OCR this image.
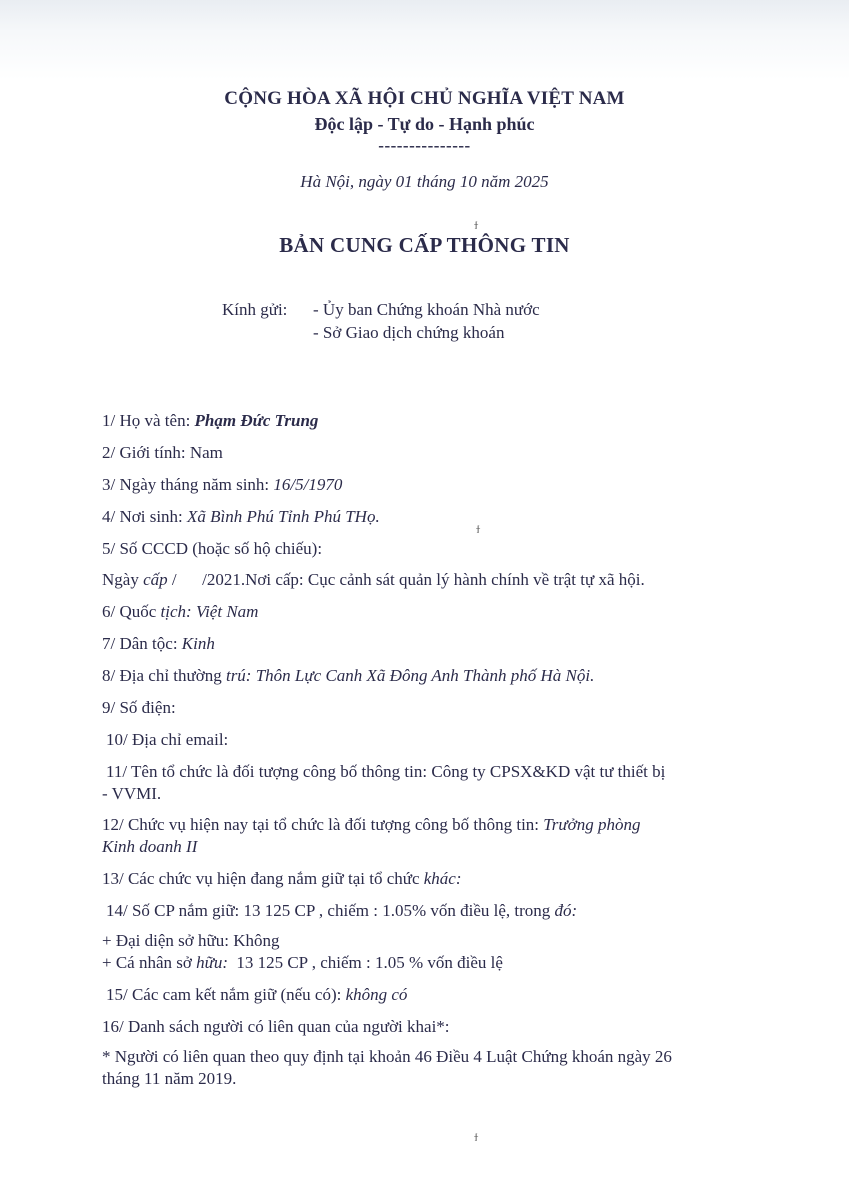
CỘNG HÒA XÃ HỘI CHỦ NGHĨA VIỆT NAM
Độc lập - Tự do - Hạnh phúc
---------------
Hà Nội, ngày 01 tháng 10 năm 2025
ϯ
BẢN CUNG CẤP THÔNG TIN
Kính gửi: - Ủy ban Chứng khoán Nhà nước
- Sở Giao dịch chứng khoán
1/ Họ và tên: Phạm Đức Trung
2/ Giới tính: Nam
3/ Ngày tháng năm sinh: 16/5/1970
4/ Nơi sinh: Xã Bình Phú Tỉnh Phú THọ.
ϯ
5/ Số CCCD (hoặc số hộ chiếu):
Ngày cấp /      /2021.Nơi cấp: Cục cảnh sát quản lý hành chính về trật tự xã hội.
6/ Quốc tịch: Việt Nam
7/ Dân tộc: Kinh
8/ Địa chỉ thường trú: Thôn Lực Canh Xã Đông Anh Thành phố Hà Nội.
9/ Số điện:
10/ Địa chỉ email:
11/ Tên tổ chức là đối tượng công bố thông tin: Công ty CPSX&KD vật tư thiết bị
- VVMI.
12/ Chức vụ hiện nay tại tổ chức là đối tượng công bố thông tin: Trưởng phòng
Kinh doanh II
13/ Các chức vụ hiện đang nắm giữ tại tổ chức khác:
14/ Số CP nắm giữ: 13 125 CP , chiếm : 1.05% vốn điều lệ, trong đó:
+ Đại diện sở hữu: Không
+ Cá nhân sở hữu: 13 125 CP , chiếm : 1.05 % vốn điều lệ
15/ Các cam kết nắm giữ (nếu có): không có
16/ Danh sách người có liên quan của người khai*:
* Người có liên quan theo quy định tại khoản 46 Điều 4 Luật Chứng khoán ngày 26
tháng 11 năm 2019.
ϯ
